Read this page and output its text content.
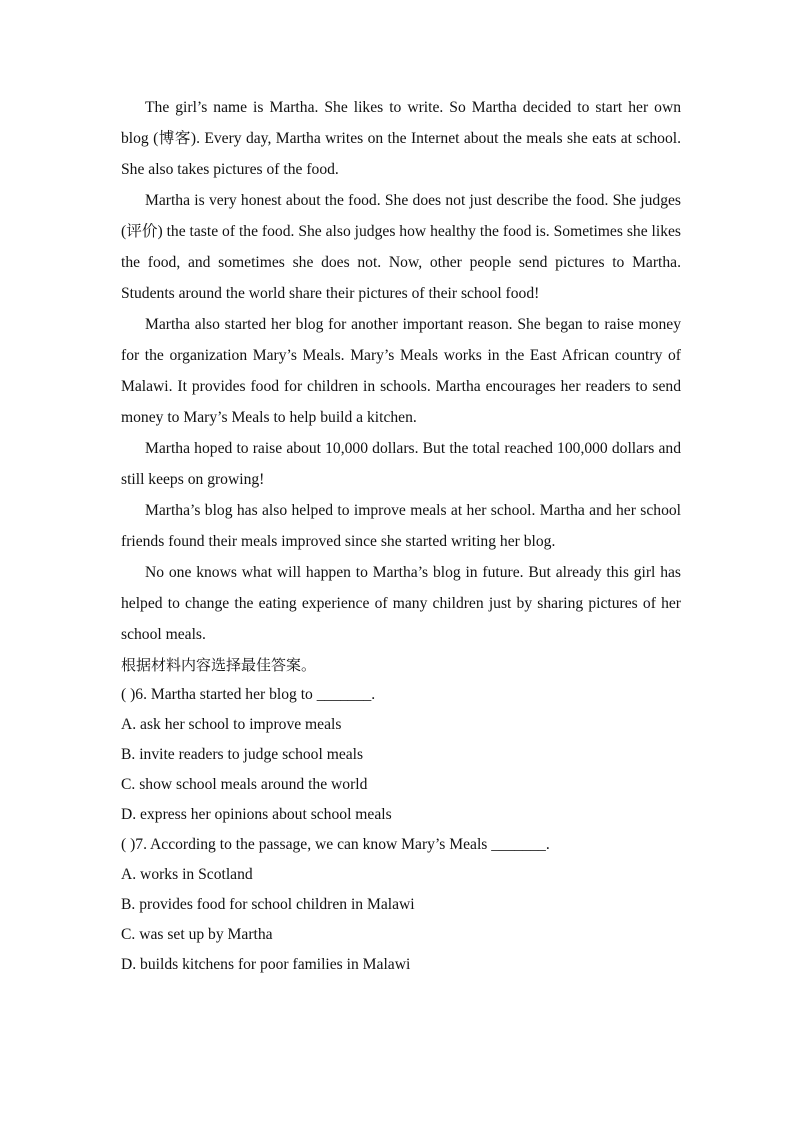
The girl’s name is Martha. She likes to write. So Martha decided to start her own blog (博客). Every day, Martha writes on the Internet about the meals she eats at school. She also takes pictures of the food.

Martha is very honest about the food. She does not just describe the food. She judges (评价) the taste of the food. She also judges how healthy the food is. Sometimes she likes the food, and sometimes she does not. Now, other people send pictures to Martha. Students around the world share their pictures of their school food!

Martha also started her blog for another important reason. She began to raise money for the organization Mary’s Meals. Mary’s Meals works in the East African country of Malawi. It provides food for children in schools. Martha encourages her readers to send money to Mary’s Meals to help build a kitchen.

Martha hoped to raise about 10,000 dollars. But the total reached 100,000 dollars and still keeps on growing!

Martha’s blog has also helped to improve meals at her school. Martha and her school friends found their meals improved since she started writing her blog.

No one knows what will happen to Martha’s blog in future. But already this girl has helped to change the eating experience of many children just by sharing pictures of her school meals.

根据材料内容选择最佳答案。

( )6. Martha started her blog to _______.

A. ask her school to improve meals

B. invite readers to judge school meals

C. show school meals around the world

D. express her opinions about school meals

( )7. According to the passage, we can know Mary’s Meals _______.

A. works in Scotland

B. provides food for school children in Malawi

C. was set up by Martha

D. builds kitchens for poor families in Malawi
